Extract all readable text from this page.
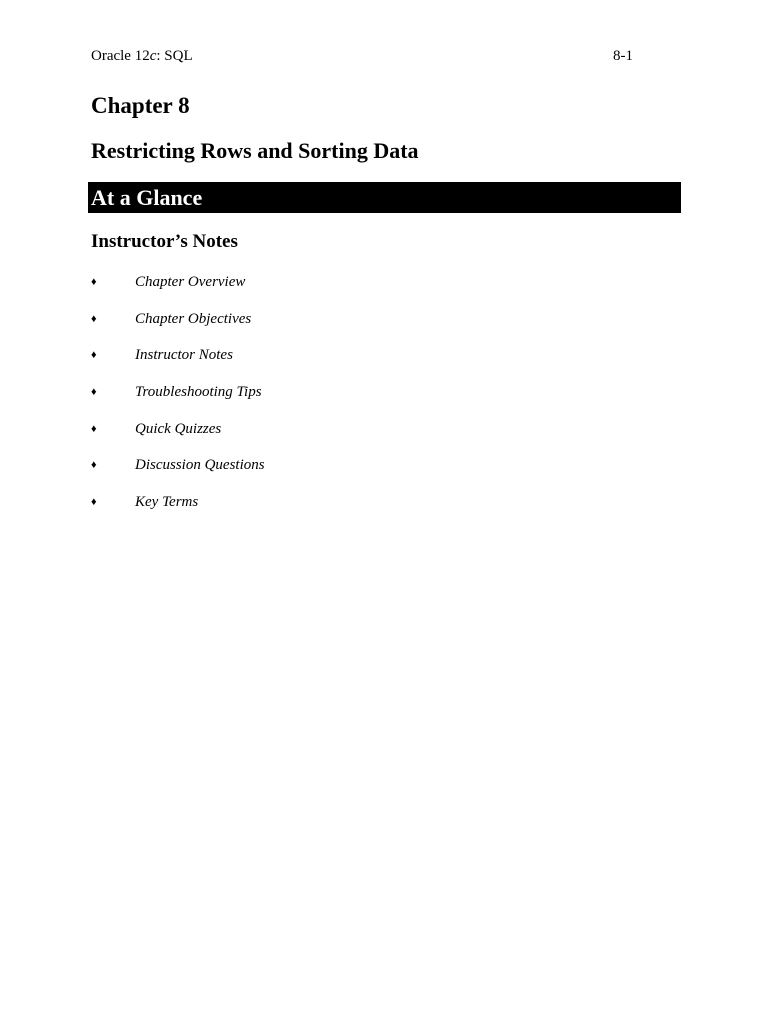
Oracle 12c: SQL	8-1
Chapter 8
Restricting Rows and Sorting Data
At a Glance
Instructor’s Notes
♦	Chapter Overview
♦	Chapter Objectives
♦	Instructor Notes
♦	Troubleshooting Tips
♦	Quick Quizzes
♦	Discussion Questions
♦	Key Terms
